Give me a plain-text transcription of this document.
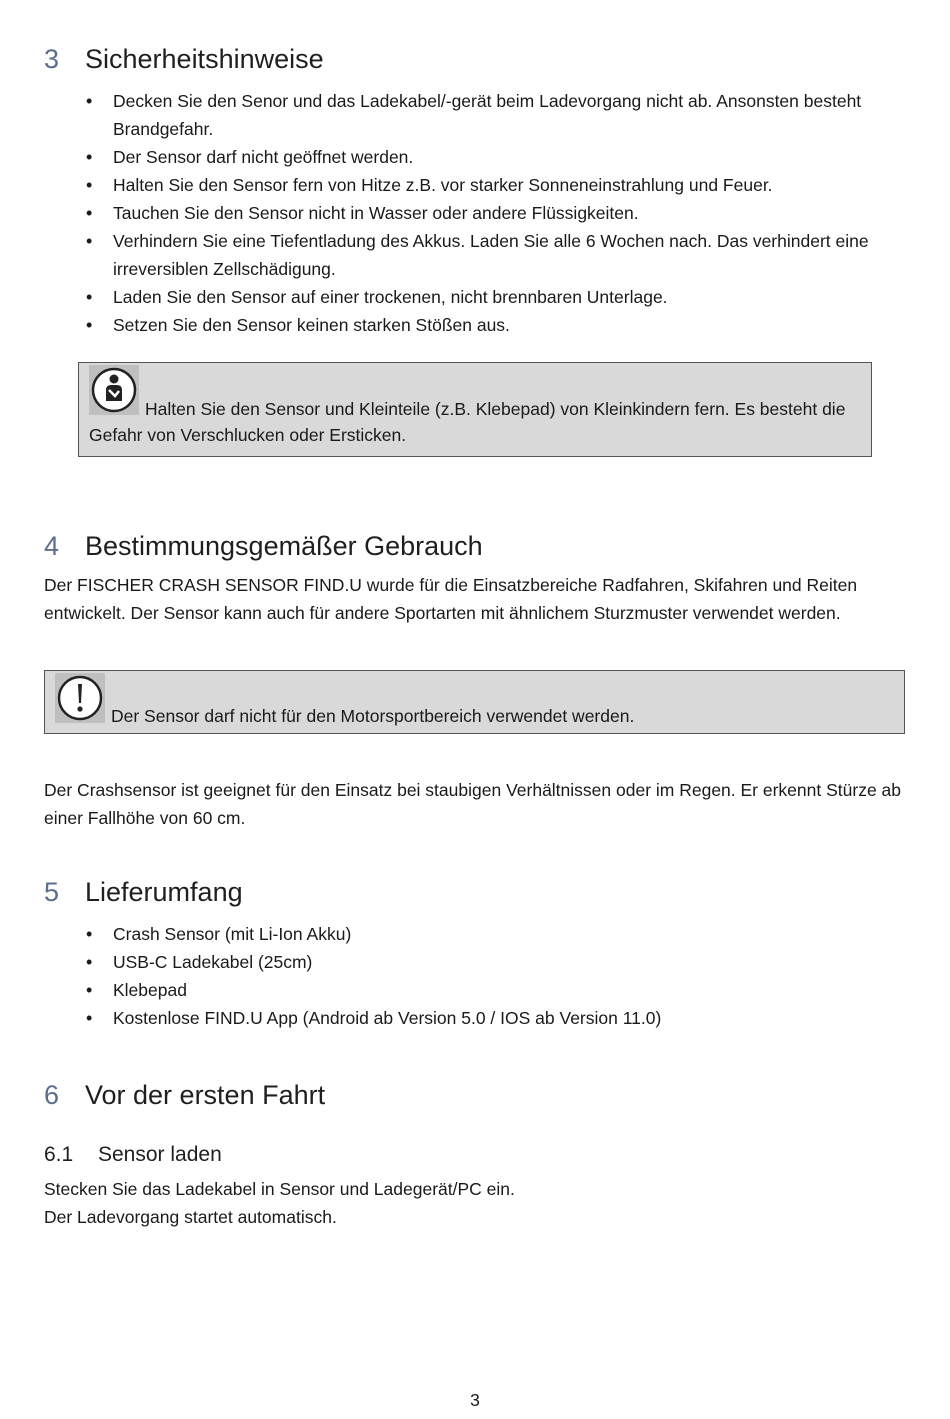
3 Sicherheitshinweise
• Decken Sie den Senor und das Ladekabel/-gerät beim Ladevorgang nicht ab. Ansonsten besteht Brandgefahr.
• Der Sensor darf nicht geöffnet werden.
• Halten Sie den Sensor fern von Hitze z.B. vor starker Sonneneinstrahlung und Feuer.
• Tauchen Sie den Sensor nicht in Wasser oder andere Flüssigkeiten.
• Verhindern Sie eine Tiefentladung des Akkus. Laden Sie alle 6 Wochen nach. Das verhindert eine irreversiblen Zellschädigung.
• Laden Sie den Sensor auf einer trockenen, nicht brennbaren Unterlage.
• Setzen Sie den Sensor keinen starken Stößen aus.
Halten Sie den Sensor und Kleinteile (z.B. Klebepad) von Kleinkindern fern. Es besteht die Gefahr von Verschlucken oder Ersticken.
4 Bestimmungsgemäßer Gebrauch

Der FISCHER CRASH SENSOR FIND.U wurde für die Einsatzbereiche Radfahren, Skifahren und Reiten entwickelt. Der Sensor kann auch für andere Sportarten mit ähnlichem Sturzmuster verwendet werden.

Der Sensor darf nicht für den Motorsportbereich verwendet werden.

Der Crashsensor ist geeignet für den Einsatz bei staubigen Verhältnissen oder im Regen. Er erkennt Stürze ab einer Fallhöhe von 60 cm.

5 Lieferumfang
• Crash Sensor (mit Li-Ion Akku)
• USB-C Ladekabel (25cm)
• Klebepad
• Kostenlose FIND.U App (Android ab Version 5.0 / IOS ab Version 11.0)
6 Vor der ersten Fahrt
6.1 Sensor laden

Stecken Sie das Ladekabel in Sensor und Ladegerät/PC ein.
Der Ladevorgang startet automatisch.

3
